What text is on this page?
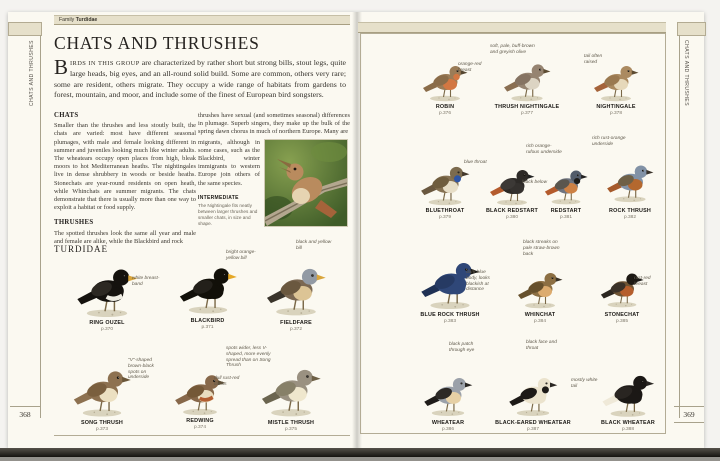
CHATS AND THRUSHES
368
Family Turdidae
CHATS AND THRUSHES

BIRDS IN THIS GROUP are characterized by rather short but strong bills, stout legs, quite large heads, big eyes, and an all-round solid build. Some are common, others very rare; some are resident, others migrate. They occupy a wide range of habitats from gardens to forest, mountain, and moor, and include some of the finest of European bird songsters.

CHATS

Smaller than the thrushes and less stoutly built, the chats are varied: most have different seasonal plumages, with male and female looking different in summer and juveniles looking much like winter adults. The wheatears occupy open places from high, bleak moors to hot Mediterranean heaths. The nightingales live in dense shrubbery in woods or beside heaths. Stonechats are year-round residents on open heath, while Whinchats are summer migrants. The chats demonstrate that there is usually more than one way to exploit a habitat or food supply.

THRUSHES

The spotted thrushes look the same all year and male and female are alike, while the Blackbird and rock

thrushes have sexual (and sometimes seasonal) differences in plumage. Superb singers, they make up the bulk of the spring dawn chorus in much of northern Europe. Many are

migrants, although in some cases, such as the Blackbird, winter immigrants to western Europe join others of the same species.

INTERMEDIATE

The Nightingale fits neatly between larger thrushes and smaller chats, in size and shape.

TURDIDAE
white breast-band
RING OUZEL
p.370
bright orange-yellow bill
BLACKBIRD
p.371
black and yellow bill
FIELDFARE
p.372
"V"-shaped brown-black spots on underside
SONG THRUSH
p.373
dull rust-red flanks
REDWING
p.374
spots wider, less V-shaped, more evenly spread than on Song Thrush
MISTLE THRUSH
p.375
CHATS AND THRUSHES
369
orange-red breast
ROBIN
p.376
soft, pale, buff-brown and greyish olive
THRUSH NIGHTINGALE
p.377
tail often raised
NIGHTINGALE
p.378
blue throat
BLUETHROAT
p.379
black below
BLACK REDSTART
p.380
rich orange-rufous underside
REDSTART
p.381
rich rust-orange underside
ROCK THRUSH
p.382
dark blue body, looks blackish at distance
BLUE ROCK THRUSH
p.383
black streaks on pale straw-brown back
WHINCHAT
p.384
rust-red breast
STONECHAT
p.385
black patch through eye
WHEATEAR
p.386
black face and throat
BLACK-EARED WHEATEAR
p.387
mostly white tail
BLACK WHEATEAR
p.388
